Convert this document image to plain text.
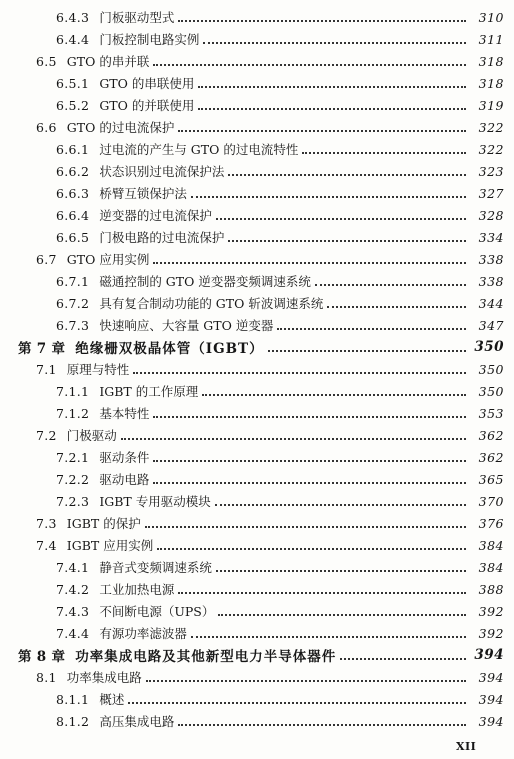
6.4.3 门板驱动型式	310
6.4.4 门板控制电路实例	311
6.5 GTO 的串并联	318
6.5.1 GTO 的串联使用	318
6.5.2 GTO 的并联使用	319
6.6 GTO 的过电流保护	322
6.6.1 过电流的产生与 GTO 的过电流特性	322
6.6.2 状态识别过电流保护法	323
6.6.3 桥臂互锁保护法	327
6.6.4 逆变器的过电流保护	328
6.6.5 门极电路的过电流保护	334
6.7 GTO 应用实例	338
6.7.1 磁通控制的 GTO 逆变器变频调速系统	338
6.7.2 具有复合制动功能的 GTO 斩波调速系统	344
6.7.3 快速响应、大容量 GTO 逆变器	347
第 7 章 绝缘栅双极晶体管（IGBT）	350
7.1 原理与特性	350
7.1.1 IGBT 的工作原理	350
7.1.2 基本特性	353
7.2 门极驱动	362
7.2.1 驱动条件	362
7.2.2 驱动电路	365
7.2.3 IGBT 专用驱动模块	370
7.3 IGBT 的保护	376
7.4 IGBT 应用实例	384
7.4.1 静音式变频调速系统	384
7.4.2 工业加热电源	388
7.4.3 不间断电源（UPS）	392
7.4.4 有源功率滤波器	392
第 8 章 功率集成电路及其他新型电力半导体器件	394
8.1 功率集成电路	394
8.1.1 概述	394
8.1.2 高压集成电路	394
XII
